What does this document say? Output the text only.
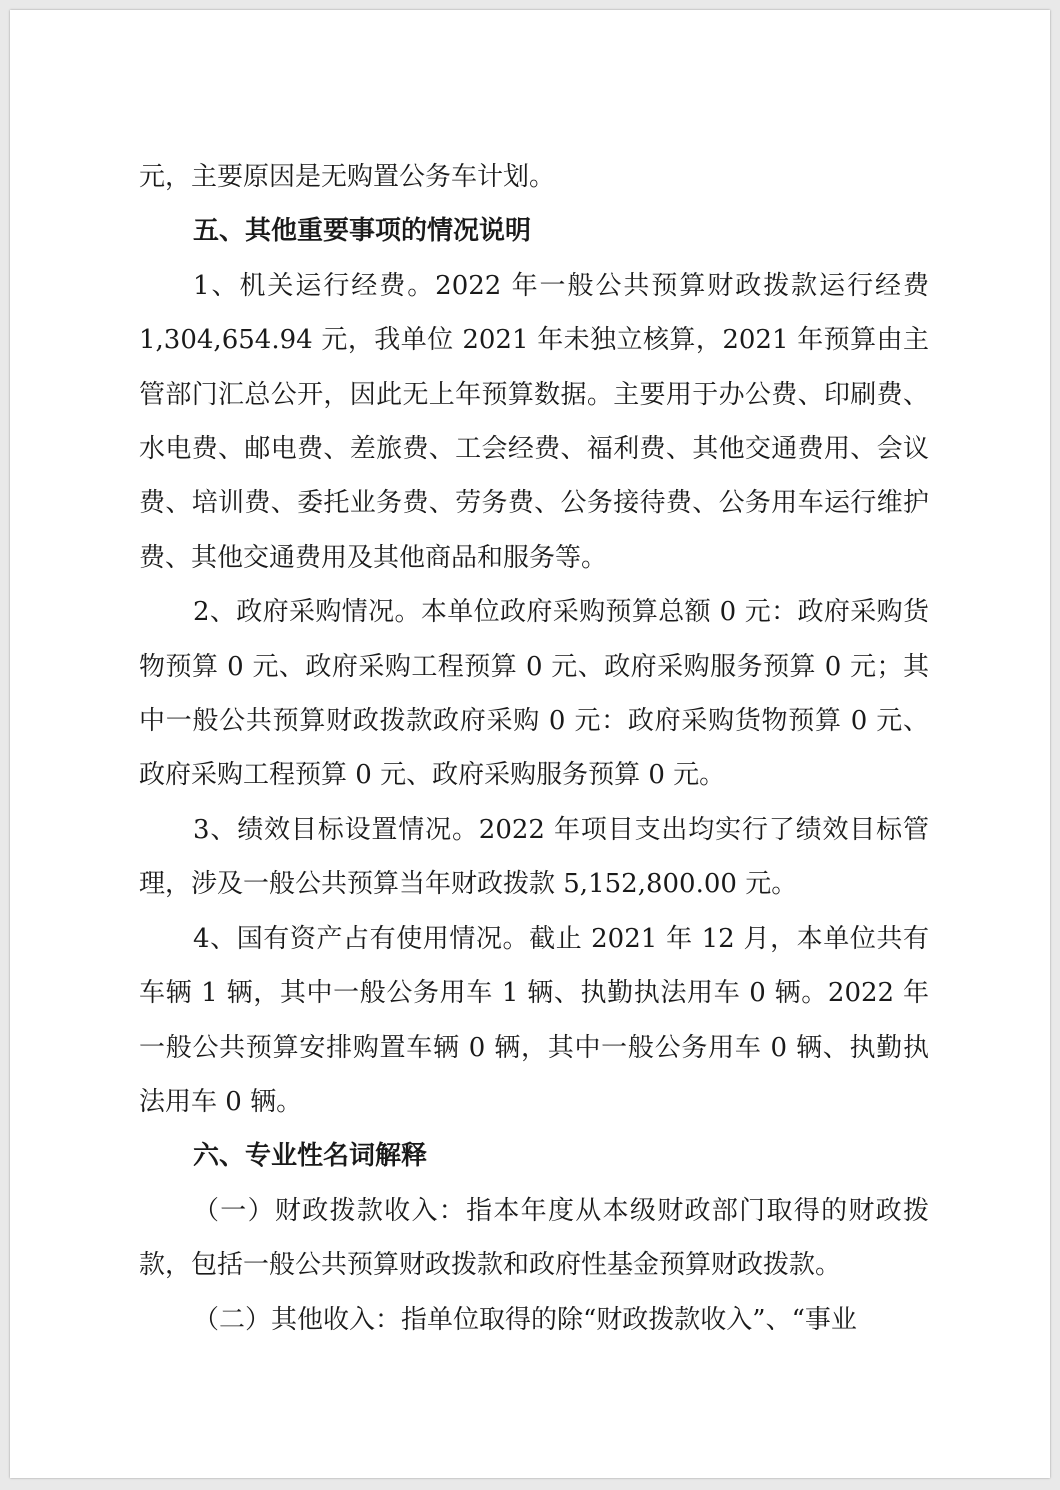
元，主要原因是无购置公务车计划。

五、其他重要事项的情况说明

1、机关运行经费。2022 年一般公共预算财政拨款运行经费 1,304,654.94 元，我单位 2021 年未独立核算，2021 年预算由主管部门汇总公开，因此无上年预算数据。主要用于办公费、印刷费、水电费、邮电费、差旅费、工会经费、福利费、其他交通费用、会议费、培训费、委托业务费、劳务费、公务接待费、公务用车运行维护费、其他交通费用及其他商品和服务等。

2、政府采购情况。本单位政府采购预算总额 0 元：政府采购货物预算 0 元、政府采购工程预算 0 元、政府采购服务预算 0 元；其中一般公共预算财政拨款政府采购 0 元：政府采购货物预算 0 元、政府采购工程预算 0 元、政府采购服务预算 0 元。

3、绩效目标设置情况。2022 年项目支出均实行了绩效目标管理，涉及一般公共预算当年财政拨款 5,152,800.00 元。

4、国有资产占有使用情况。截止 2021 年 12 月，本单位共有车辆 1 辆，其中一般公务用车 1 辆、执勤执法用车 0 辆。2022 年一般公共预算安排购置车辆 0 辆，其中一般公务用车 0 辆、执勤执法用车 0 辆。

六、专业性名词解释

（一）财政拨款收入：指本年度从本级财政部门取得的财政拨款，包括一般公共预算财政拨款和政府性基金预算财政拨款。

（二）其他收入：指单位取得的除“财政拨款收入”、“事业
